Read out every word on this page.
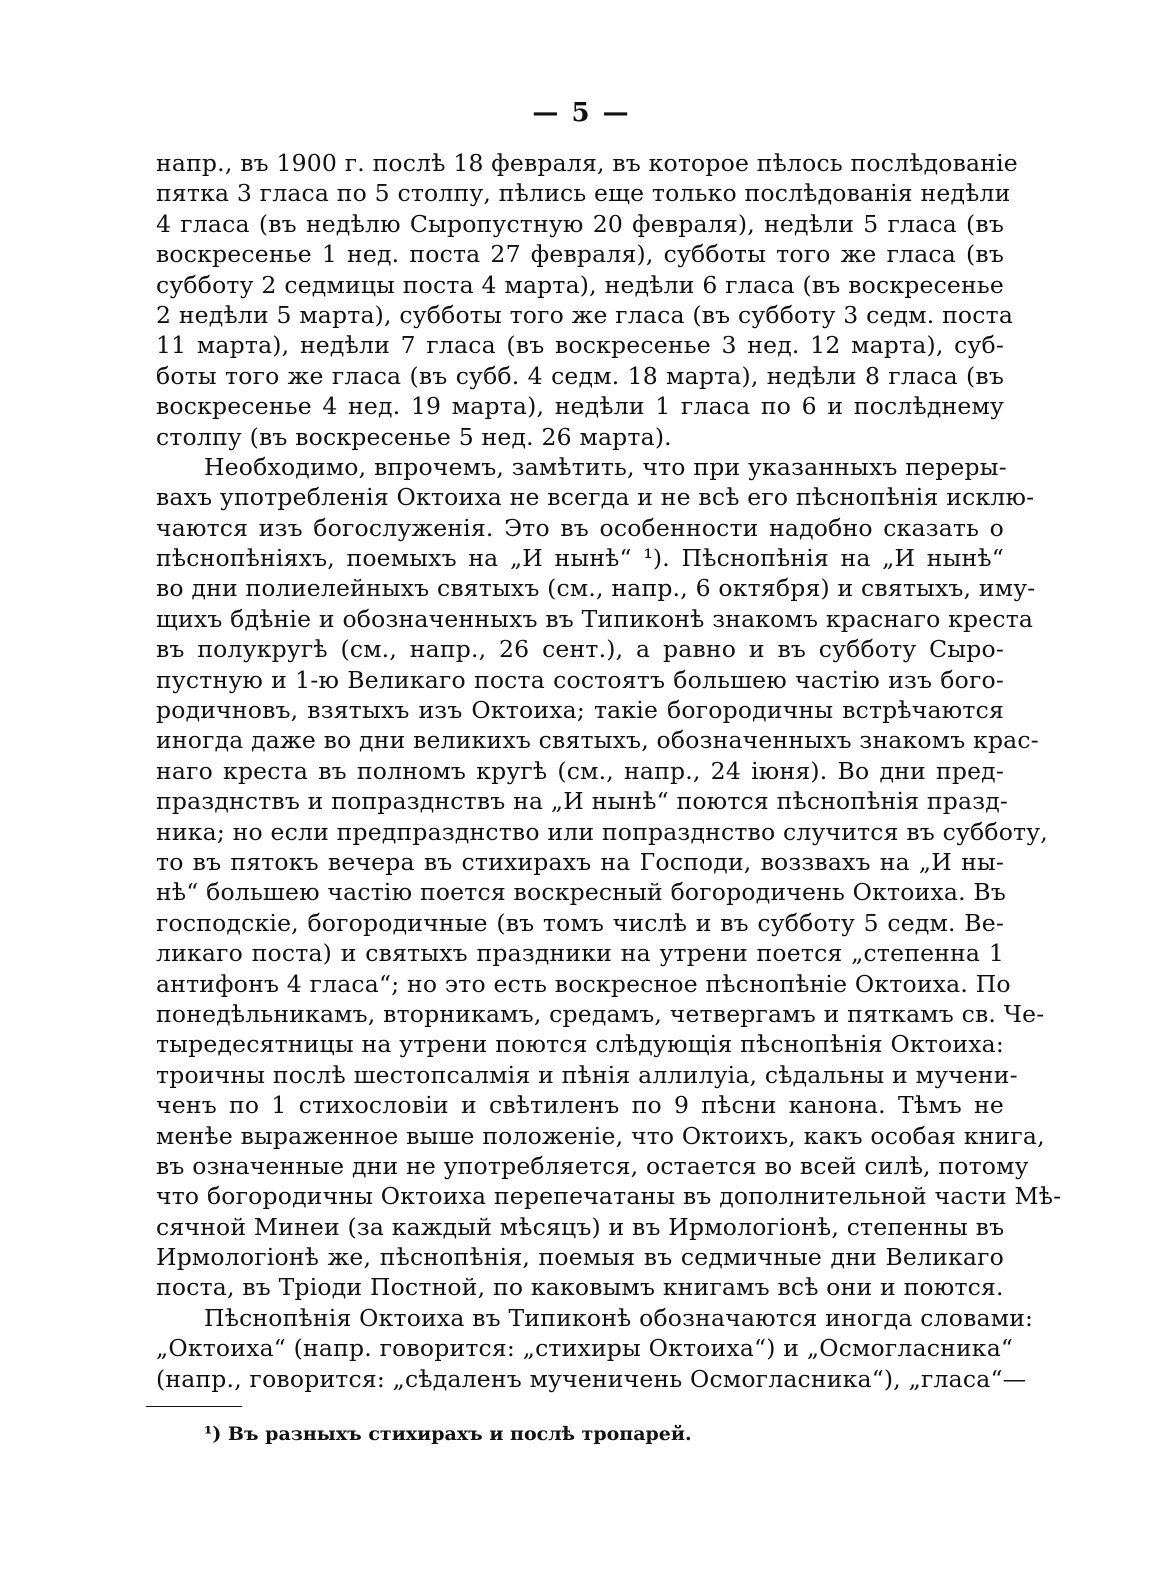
— 5 —
напр., въ 1900 г. послѣ 18 февраля, въ которое пѣлось послѣдованіе
пятка 3 гласа по 5 столпу, пѣлись еще только послѣдованія недѣли
4 гласа (въ недѣлю Сыропустную 20 февраля), недѣли 5 гласа (въ
воскресенье 1 нед. поста 27 февраля), субботы того же гласа (въ
субботу 2 седмицы поста 4 марта), недѣли 6 гласа (въ воскресенье
2 недѣли 5 марта), субботы того же гласа (въ субботу 3 седм. поста
11 марта), недѣли 7 гласа (въ воскресенье 3 нед. 12 марта), суб-
боты того же гласа (въ субб. 4 седм. 18 марта), недѣли 8 гласа (въ
воскресенье 4 нед. 19 марта), недѣли 1 гласа по 6 и послѣднему
столпу (въ воскресенье 5 нед. 26 марта).
Необходимо, впрочемъ, замѣтить, что при указанныхъ переры-
вахъ употребленія Октоиха не всегда и не всѣ его пѣснопѣнія исклю-
чаются изъ богослуженія. Это въ особенности надобно сказать о
пѣснопѣніяхъ, поемыхъ на „И нынѣ“ ¹). Пѣснопѣнія на „И нынѣ“
во дни полиелейныхъ святыхъ (см., напр., 6 октября) и святыхъ, иму-
щихъ бдѣніе и обозначенныхъ въ Типиконѣ знакомъ краснаго креста
въ полукругѣ (см., напр., 26 сент.), а равно и въ субботу Сыро-
пустную и 1-ю Великаго поста состоятъ большею частію изъ бого-
родичновъ, взятыхъ изъ Октоиха; такіе богородичны встрѣчаются
иногда даже во дни великихъ святыхъ, обозначенныхъ знакомъ крас-
наго креста въ полномъ кругѣ (см., напр., 24 іюня). Во дни пред-
празднствъ и попразднствъ на „И нынѣ“ поются пѣснопѣнія празд-
ника; но если предпразднство или попразднство случится въ субботу,
то въ пятокъ вечера въ стихирахъ на Господи, воззвахъ на „И ны-
нѣ“ большею частію поется воскресный богородичень Октоиха. Въ
господскіе, богородичные (въ томъ числѣ и въ субботу 5 седм. Ве-
ликаго поста) и святыхъ праздники на утрени поется „степенна 1
антифонъ 4 гласа“; но это есть воскресное пѣснопѣніе Октоиха. По
понедѣльникамъ, вторникамъ, средамъ, четвергамъ и пяткамъ св. Че-
тыредесятницы на утрени поются слѣдующія пѣснопѣнія Октоиха:
троичны послѣ шестопсалмія и пѣнія аллилуіа, сѣдальны и мучени-
ченъ по 1 стихословіи и свѣтиленъ по 9 пѣсни канона. Тѣмъ не
менѣе выраженное выше положеніе, что Октоихъ, какъ особая книга,
въ означенные дни не употребляется, остается во всей силѣ, потому
что богородичны Октоиха перепечатаны въ дополнительной части Мѣ-
сячной Минеи (за каждый мѣсяцъ) и въ Ирмологіонѣ, степенны въ
Ирмологіонѣ же, пѣснопѣнія, поемыя въ седмичные дни Великаго
поста, въ Тріоди Постной, по каковымъ книгамъ всѣ они и поются.
Пѣснопѣнія Октоиха въ Типиконѣ обозначаются иногда словами:
„Октоиха“ (напр. говорится: „стихиры Октоиха“) и „Осмогласника“
(напр., говорится: „сѣдаленъ мученичень Осмогласника“), „гласа“—
¹) Въ разныхъ стихирахъ и послѣ тропарей.
